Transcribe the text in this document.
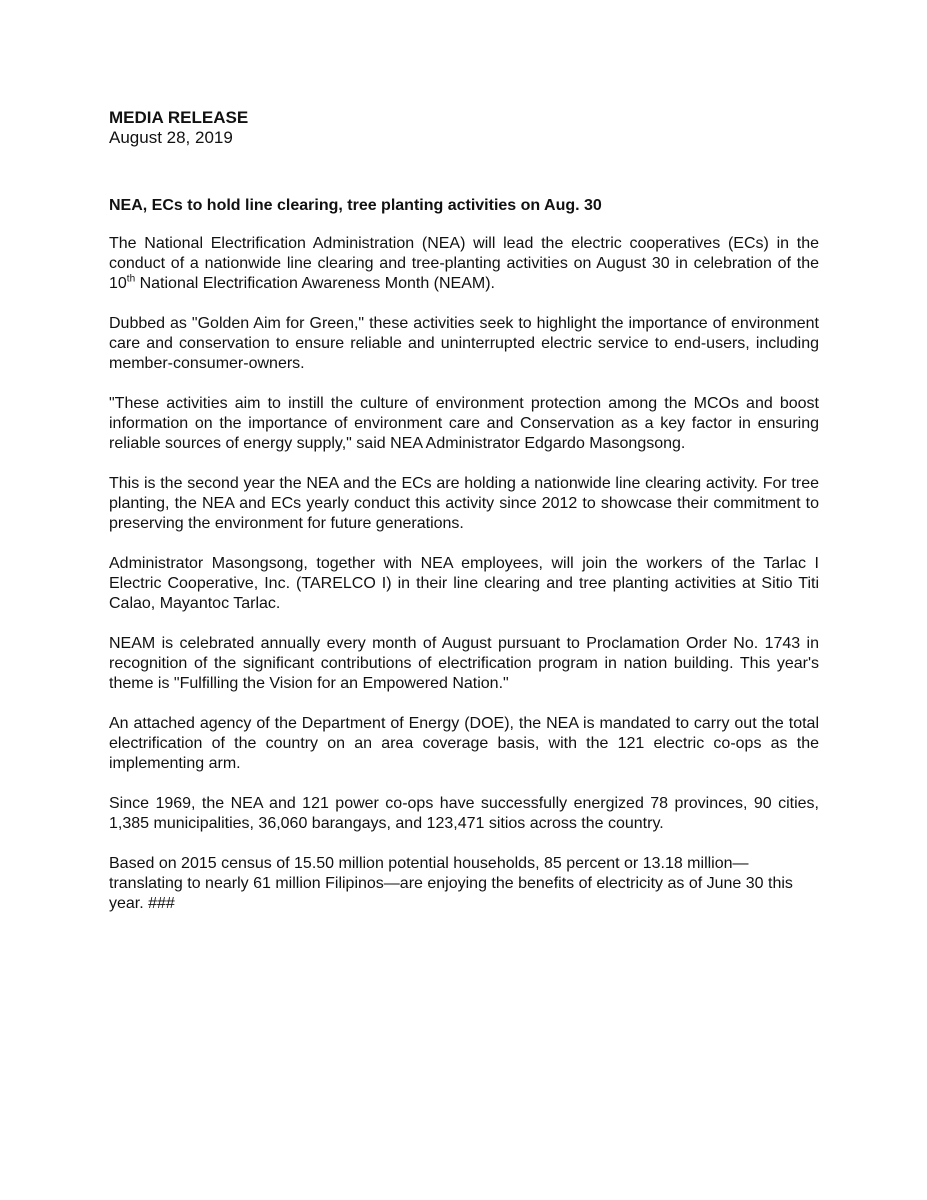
MEDIA RELEASE

August 28, 2019

NEA, ECs to hold line clearing, tree planting activities on Aug. 30

The National Electrification Administration (NEA) will lead the electric cooperatives (ECs) in the conduct of a nationwide line clearing and tree-planting activities on August 30 in celebration of the 10th National Electrification Awareness Month (NEAM).

Dubbed as "Golden Aim for Green," these activities seek to highlight the importance of environment care and conservation to ensure reliable and uninterrupted electric service to end-users, including member-consumer-owners.

"These activities aim to instill the culture of environment protection among the MCOs and boost information on the importance of environment care and Conservation as a key factor in ensuring reliable sources of energy supply," said NEA Administrator Edgardo Masongsong.

This is the second year the NEA and the ECs are holding a nationwide line clearing activity. For tree planting, the NEA and ECs yearly conduct this activity since 2012 to showcase their commitment to preserving the environment for future generations.

Administrator Masongsong, together with NEA employees, will join the workers of the Tarlac I Electric Cooperative, Inc. (TARELCO I) in their line clearing and tree planting activities at Sitio Titi Calao, Mayantoc Tarlac.

NEAM is celebrated annually every month of August pursuant to Proclamation Order No. 1743 in recognition of the significant contributions of electrification program in nation building. This year's theme is "Fulfilling the Vision for an Empowered Nation."

An attached agency of the Department of Energy (DOE), the NEA is mandated to carry out the total electrification of the country on an area coverage basis, with the 121 electric co-ops as the implementing arm.

Since 1969, the NEA and 121 power co-ops have successfully energized 78 provinces, 90 cities, 1,385 municipalities, 36,060 barangays, and 123,471 sitios across the country.

Based on 2015 census of 15.50 million potential households, 85 percent or 13.18 million—translating to nearly 61 million Filipinos—are enjoying the benefits of electricity as of June 30 this year. ###
